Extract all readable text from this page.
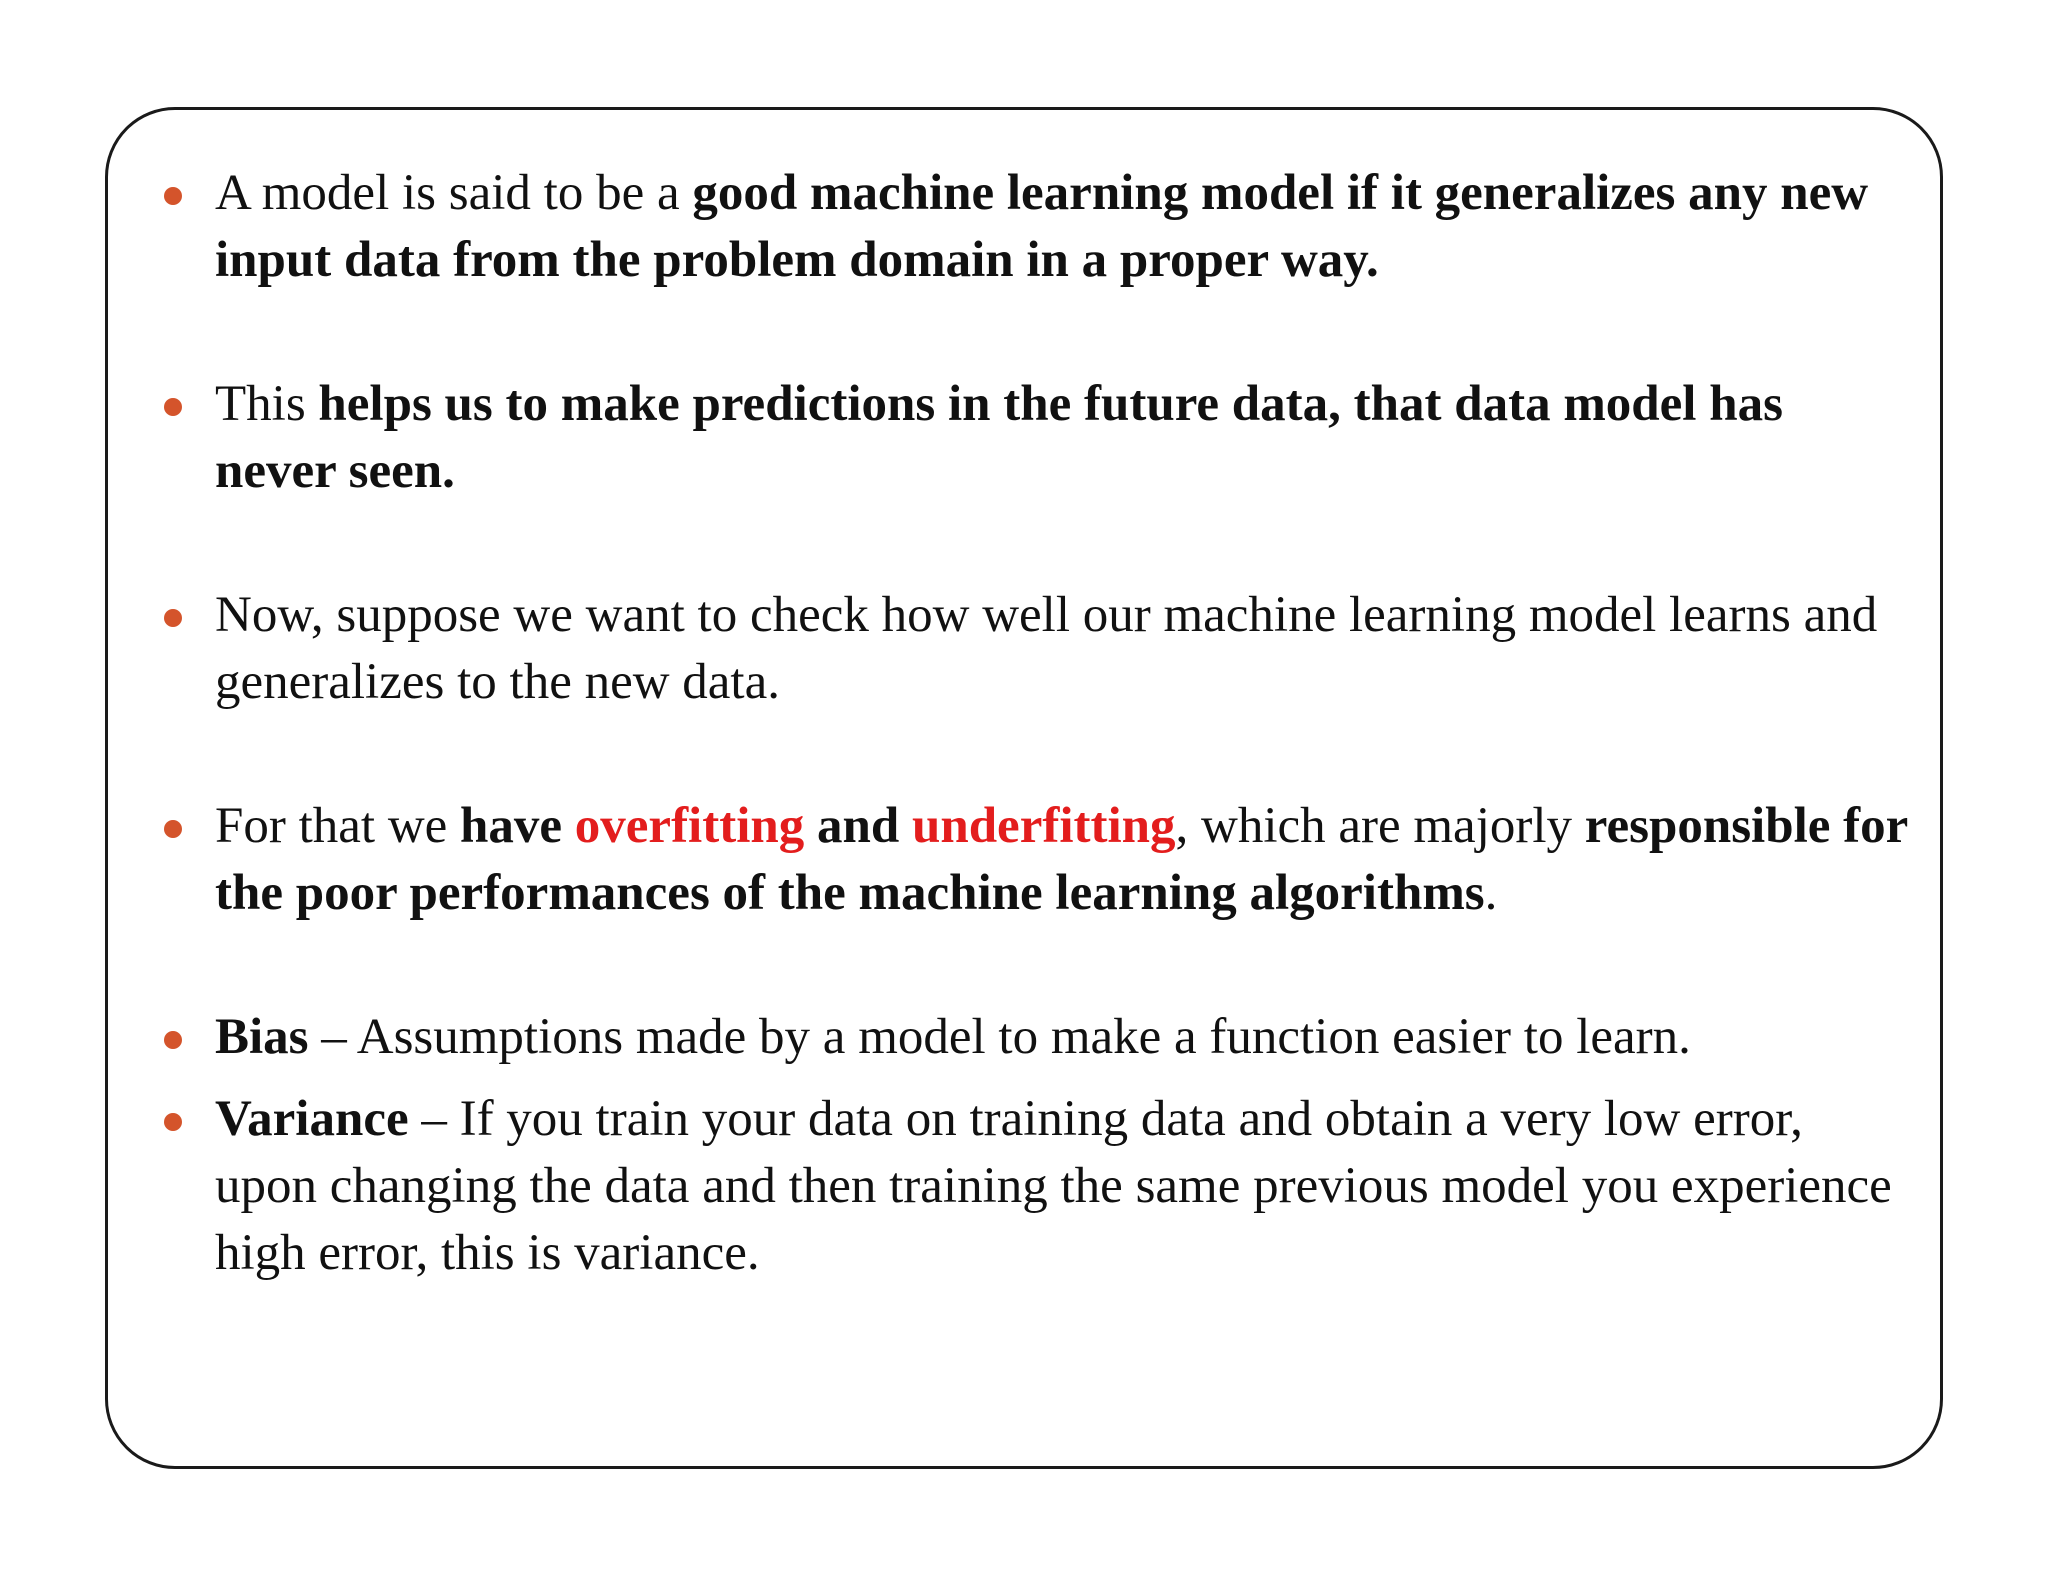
A model is said to be a good machine learning model if it generalizes any new input data from the problem domain in a proper way.
This helps us to make predictions in the future data, that data model has never seen.
Now, suppose we want to check how well our machine learning model learns and generalizes to the new data.
For that we have overfitting and underfitting, which are majorly responsible for the poor performances of the machine learning algorithms.
Bias – Assumptions made by a model to make a function easier to learn.
Variance – If you train your data on training data and obtain a very low error, upon changing the data and then training the same previous model you experience high error, this is variance.
